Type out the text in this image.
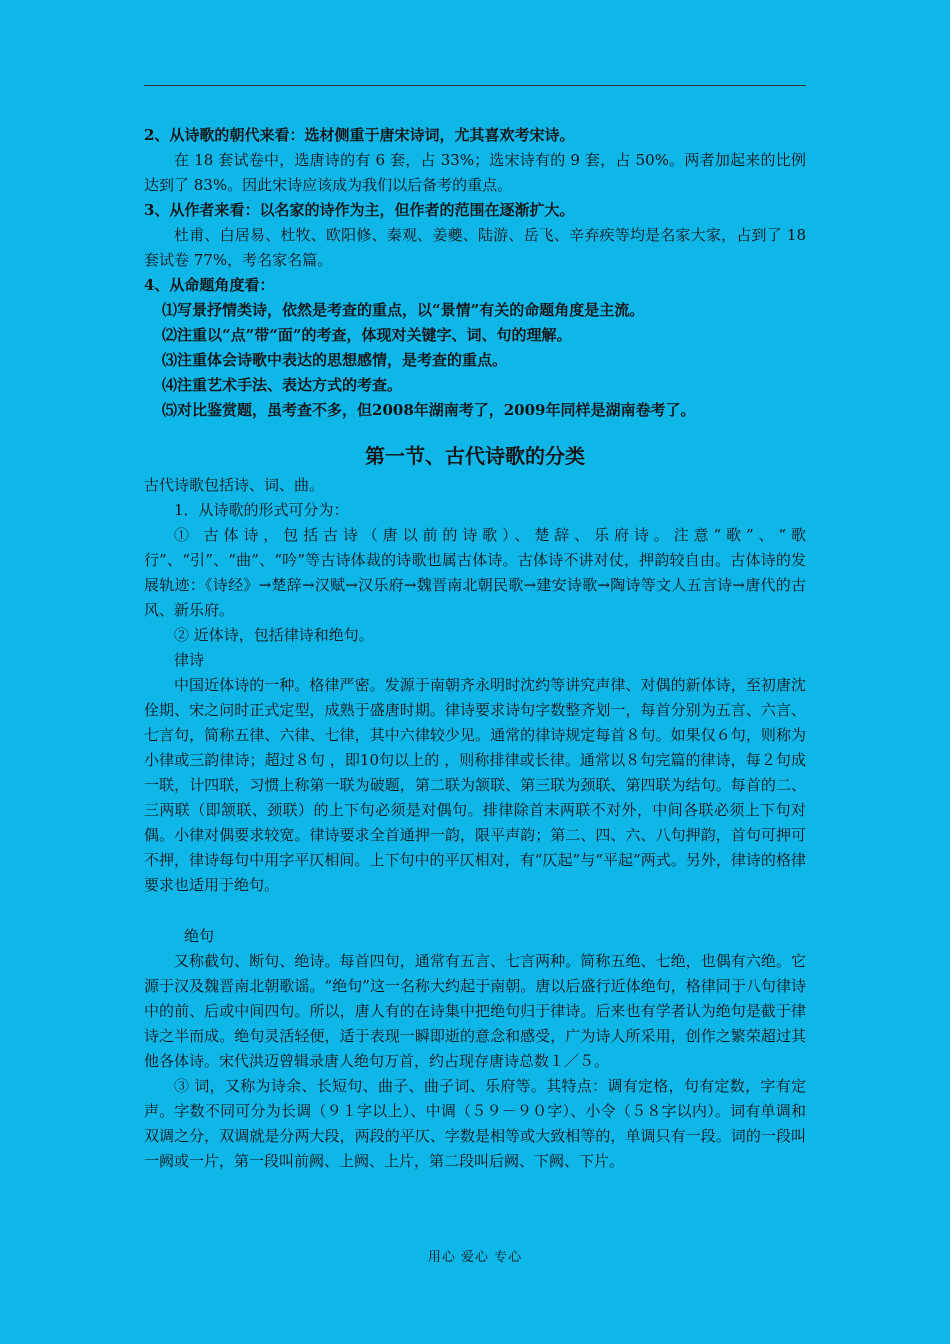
2、从诗歌的朝代来看：选材侧重于唐宋诗词，尤其喜欢考宋诗。

在 18 套试卷中，选唐诗的有 6 套，占 33%；选宋诗有的 9 套，占 50%。两者加起来的比例达到了 83%。因此宋诗应该成为我们以后备考的重点。

3、从作者来看：以名家的诗作为主，但作者的范围在逐渐扩大。

杜甫、白居易、杜牧、欧阳修、秦观、姜夔、陆游、岳飞、辛弃疾等均是名家大家，占到了 18 套试卷 77%，考名家名篇。

4、从命题角度看：

⑴写景抒情类诗，依然是考查的重点，以“景情”有关的命题角度是主流。

⑵注重以“点”带“面”的考查，体现对关键字、词、句的理解。

⑶注重体会诗歌中表达的思想感情，是考查的重点。

⑷注重艺术手法、表达方式的考查。

⑸对比鉴赏题，虽考查不多，但2008年湖南考了，2009年同样是湖南卷考了。

第一节、古代诗歌的分类

古代诗歌包括诗、词、曲。

1．从诗歌的形式可分为：

① 古体诗，包括古诗（唐以前的诗歌）、楚辞、乐府诗。注意“歌”、“歌行”、“引”、“曲”、“吟”等古诗体裁的诗歌也属古体诗。古体诗不讲对仗，押韵较自由。古体诗的发展轨迹：《诗经》→楚辞→汉赋→汉乐府→魏晋南北朝民歌→建安诗歌→陶诗等文人五言诗→唐代的古风、新乐府。

② 近体诗，包括律诗和绝句。

律诗

中国近体诗的一种。格律严密。发源于南朝齐永明时沈约等讲究声律、对偶的新体诗，至初唐沈佺期、宋之问时正式定型，成熟于盛唐时期。律诗要求诗句字数整齐划一，每首分别为五言、六言、七言句，简称五律、六律、七律，其中六律较少见。通常的律诗规定每首８句。如果仅６句，则称为小律或三韵律诗；超过８句 ，即10句以上的 ，则称排律或长律。通常以８句完篇的律诗，每２句成一联，计四联，习惯上称第一联为破题，第二联为颔联、第三联为颈联、第四联为结句。每首的二、三两联（即颔联、颈联）的上下句必须是对偶句。排律除首末两联不对外，中间各联必须上下句对偶。小律对偶要求较宽。律诗要求全首通押一韵，限平声韵；第二、四、六、八句押韵，首句可押可不押，律诗每句中用字平仄相间。上下句中的平仄相对，有“仄起”与“平起”两式。另外，律诗的格律要求也适用于绝句。

绝句

又称截句、断句、绝诗。每首四句，通常有五言、七言两种。简称五绝、七绝，也偶有六绝。它源于汉及魏晋南北朝歌谣。“绝句”这一名称大约起于南朝。唐以后盛行近体绝句，格律同于八句律诗中的前、后或中间四句。所以，唐人有的在诗集中把绝句归于律诗。后来也有学者认为绝句是截于律诗之半而成。绝句灵活轻便，适于表现一瞬即逝的意念和感受，广为诗人所采用，创作之繁荣超过其他各体诗。宋代洪迈曾辑录唐人绝句万首，约占现存唐诗总数１／５。

③ 词，又称为诗余、长短句、曲子、曲子词、乐府等。其特点：调有定格，句有定数，字有定声。字数不同可分为长调（９１字以上）、中调（５９－９０字）、小令（５８字以内）。词有单调和双调之分，双调就是分两大段，两段的平仄、字数是相等或大致相等的，单调只有一段。词的一段叫一阙或一片，第一段叫前阙、上阙、上片，第二段叫后阙、下阙、下片。

用心 爱心 专心
